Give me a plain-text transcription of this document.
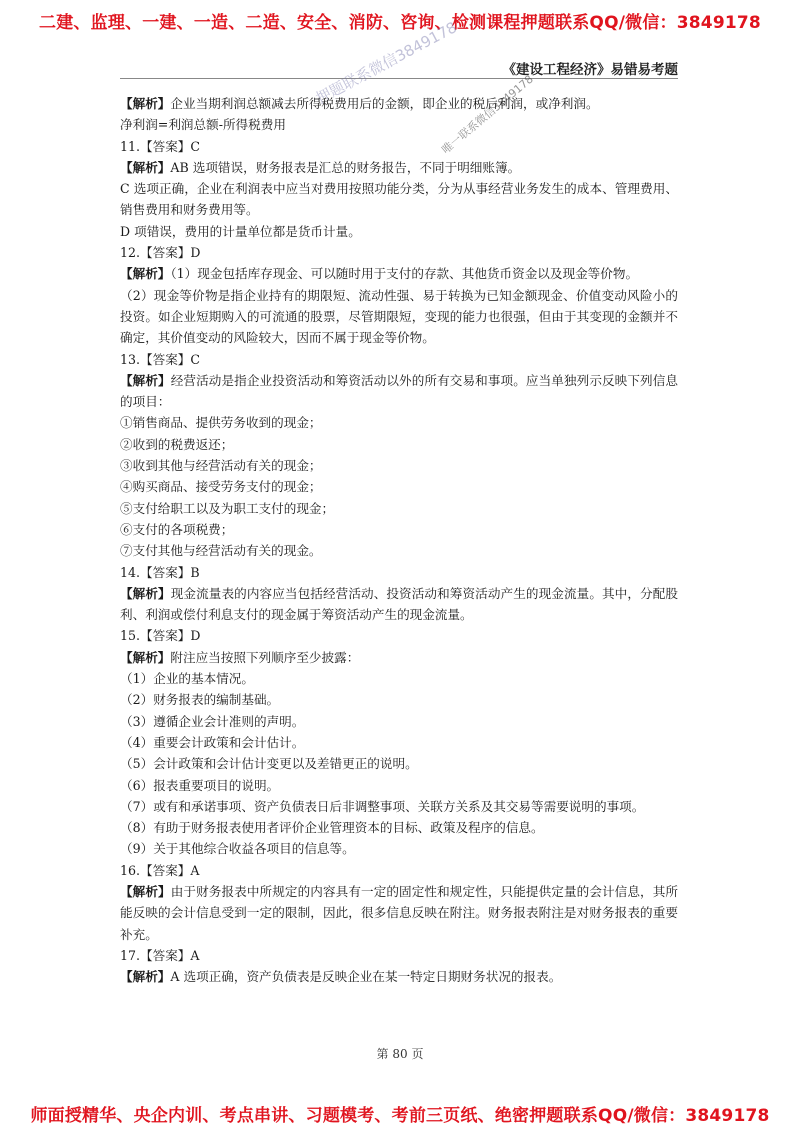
二建、监理、一建、一造、二造、安全、消防、咨询、检测课程押题联系QQ/微信：3849178
《建设工程经济》易错易考题
押题联系微信3849178
唯一联系微信3849178
【解析】企业当期利润总额减去所得税费用后的金额，即企业的税后利润，或净利润。
净利润=利润总额-所得税费用
11.【答案】C
【解析】AB 选项错误，财务报表是汇总的财务报告，不同于明细账簿。
C 选项正确，企业在利润表中应当对费用按照功能分类，分为从事经营业务发生的成本、管理费用、销售费用和财务费用等。
D 项错误，费用的计量单位都是货币计量。
12.【答案】D
【解析】（1）现金包括库存现金、可以随时用于支付的存款、其他货币资金以及现金等价物。
（2）现金等价物是指企业持有的期限短、流动性强、易于转换为已知金额现金、价值变动风险小的投资。如企业短期购入的可流通的股票，尽管期限短，变现的能力也很强，但由于其变现的金额并不确定，其价值变动的风险较大，因而不属于现金等价物。
13.【答案】C
【解析】经营活动是指企业投资活动和筹资活动以外的所有交易和事项。应当单独列示反映下列信息的项目：
①销售商品、提供劳务收到的现金；
②收到的税费返还；
③收到其他与经营活动有关的现金；
④购买商品、接受劳务支付的现金；
⑤支付给职工以及为职工支付的现金；
⑥支付的各项税费；
⑦支付其他与经营活动有关的现金。
14.【答案】B
【解析】现金流量表的内容应当包括经营活动、投资活动和筹资活动产生的现金流量。其中，分配股利、利润或偿付利息支付的现金属于筹资活动产生的现金流量。
15.【答案】D
【解析】附注应当按照下列顺序至少披露：
（1）企业的基本情况。
（2）财务报表的编制基础。
（3）遵循企业会计准则的声明。
（4）重要会计政策和会计估计。
（5）会计政策和会计估计变更以及差错更正的说明。
（6）报表重要项目的说明。
（7）或有和承诺事项、资产负债表日后非调整事项、关联方关系及其交易等需要说明的事项。
（8）有助于财务报表使用者评价企业管理资本的目标、政策及程序的信息。
（9）关于其他综合收益各项目的信息等。
16.【答案】A
【解析】由于财务报表中所规定的内容具有一定的固定性和规定性，只能提供定量的会计信息，其所能反映的会计信息受到一定的限制，因此，很多信息反映在附注。财务报表附注是对财务报表的重要补充。
17.【答案】A
【解析】A 选项正确，资产负债表是反映企业在某一特定日期财务状况的报表。
第 80 页
师面授精华、央企内训、考点串讲、习题模考、考前三页纸、绝密押题联系QQ/微信：3849178
